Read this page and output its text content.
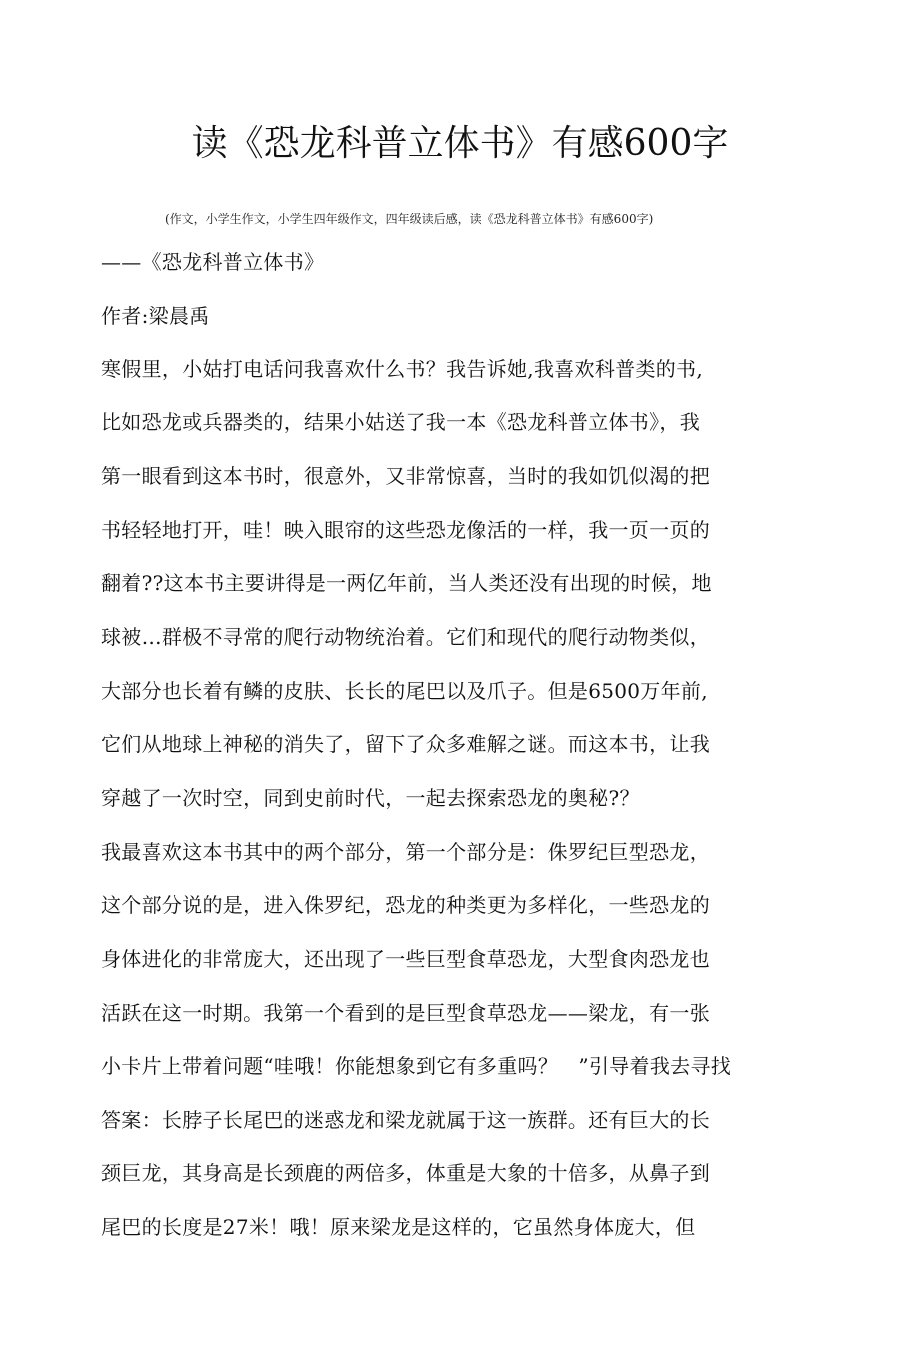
读《恐龙科普立体书》有感600字
(作文，小学生作文，小学生四年级作文，四年级读后感，读《恐龙科普立体书》有感600字)
——《恐龙科普立体书》
作者:梁晨禹
寒假里，小姑打电话问我喜欢什么书？我告诉她,我喜欢科普类的书,
比如恐龙或兵器类的，结果小姑送了我一本《恐龙科普立体书》，我
第一眼看到这本书时，很意外，又非常惊喜，当时的我如饥似渴的把
书轻轻地打开，哇！映入眼帘的这些恐龙像活的一样，我一页一页的
翻着??这本书主要讲得是一两亿年前，当人类还没有出现的时候，地
球被…群极不寻常的爬行动物统治着。它们和现代的爬行动物类似，
大部分也长着有鳞的皮肤、长长的尾巴以及爪子。但是6500万年前,
它们从地球上神秘的消失了，留下了众多难解之谜。而这本书，让我
穿越了一次时空，同到史前时代，一起去探索恐龙的奥秘?？
我最喜欢这本书其中的两个部分，第一个部分是：侏罗纪巨型恐龙，
这个部分说的是，进入侏罗纪，恐龙的种类更为多样化，一些恐龙的
身体进化的非常庞大，还出现了一些巨型食草恐龙，大型食肉恐龙也
活跃在这一时期。我第一个看到的是巨型食草恐龙——梁龙，有一张
小卡片上带着问题“哇哦！你能想象到它有多重吗？　”引导着我去寻找
答案：长脖子长尾巴的迷惑龙和梁龙就属于这一族群。还有巨大的长
颈巨龙，其身高是长颈鹿的两倍多，体重是大象的十倍多，从鼻子到
尾巴的长度是27米！哦！原来梁龙是这样的，它虽然身体庞大，但
